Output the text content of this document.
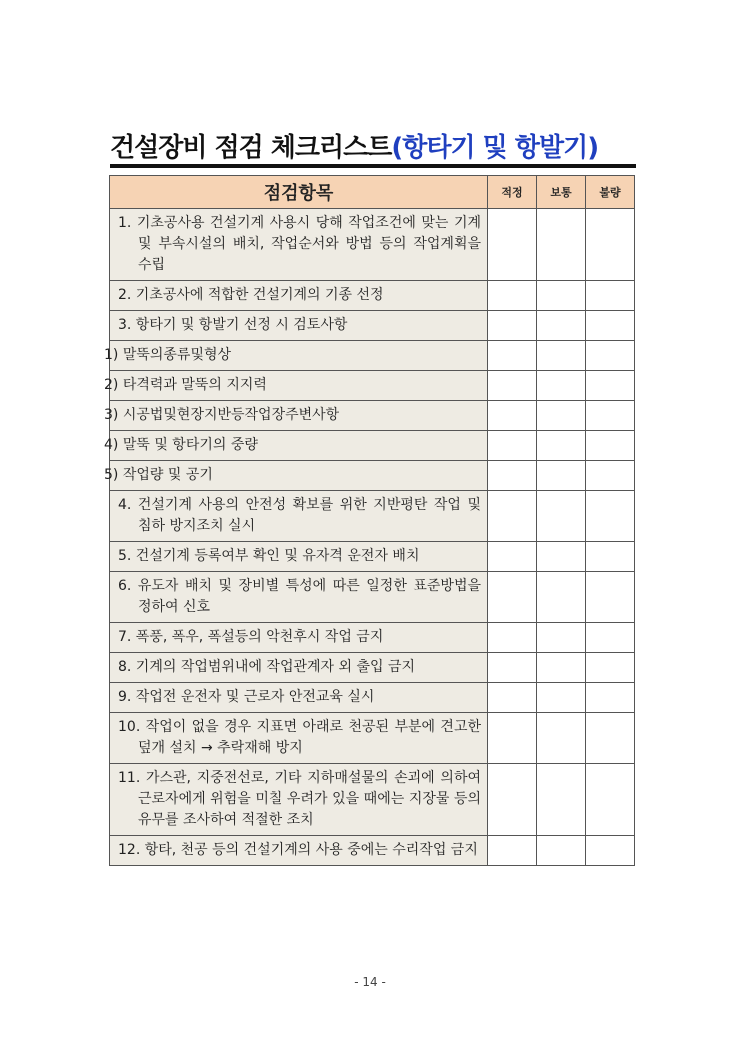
건설장비 점검 체크리스트(항타기 및 항발기)
점검항목	적정	보통	불량

1. 기초공사용 건설기계 사용시 당해 작업조건에 맞는 기계 및 부속시설의 배치, 작업순서와 방법 등의 작업계획을 수립			

2. 기초공사에 적합한 건설기계의 기종 선정			

3. 항타기 및 항발기 선정 시 검토사항			

1) 말뚝의종류및형상			

2) 타격력과 말뚝의 지지력			

3) 시공법및현장지반등작업장주변사항			

4) 말뚝 및 항타기의 중량			

5) 작업량 및 공기			

4. 건설기계 사용의 안전성 확보를 위한 지반평탄 작업 및 침하 방지조치 실시			

5. 건설기계 등록여부 확인 및 유자격 운전자 배치			

6. 유도자 배치 및 장비별 특성에 따른 일정한 표준방법을 정하여 신호			

7. 폭풍, 폭우, 폭설등의 악천후시 작업 금지			

8. 기계의 작업범위내에 작업관계자 외 출입 금지			

9. 작업전 운전자 및 근로자 안전교육 실시			

10. 작업이 없을 경우 지표면 아래로 천공된 부분에 견고한 덮개 설치 → 추락재해 방지			

11. 가스관, 지중전선로, 기타 지하매설물의 손괴에 의하여 근로자에게 위험을 미칠 우려가 있을 때에는 지장물 등의 유무를 조사하여 적절한 조치			

12. 항타, 천공 등의 건설기계의 사용 중에는 수리작업 금지			

- 14 -
